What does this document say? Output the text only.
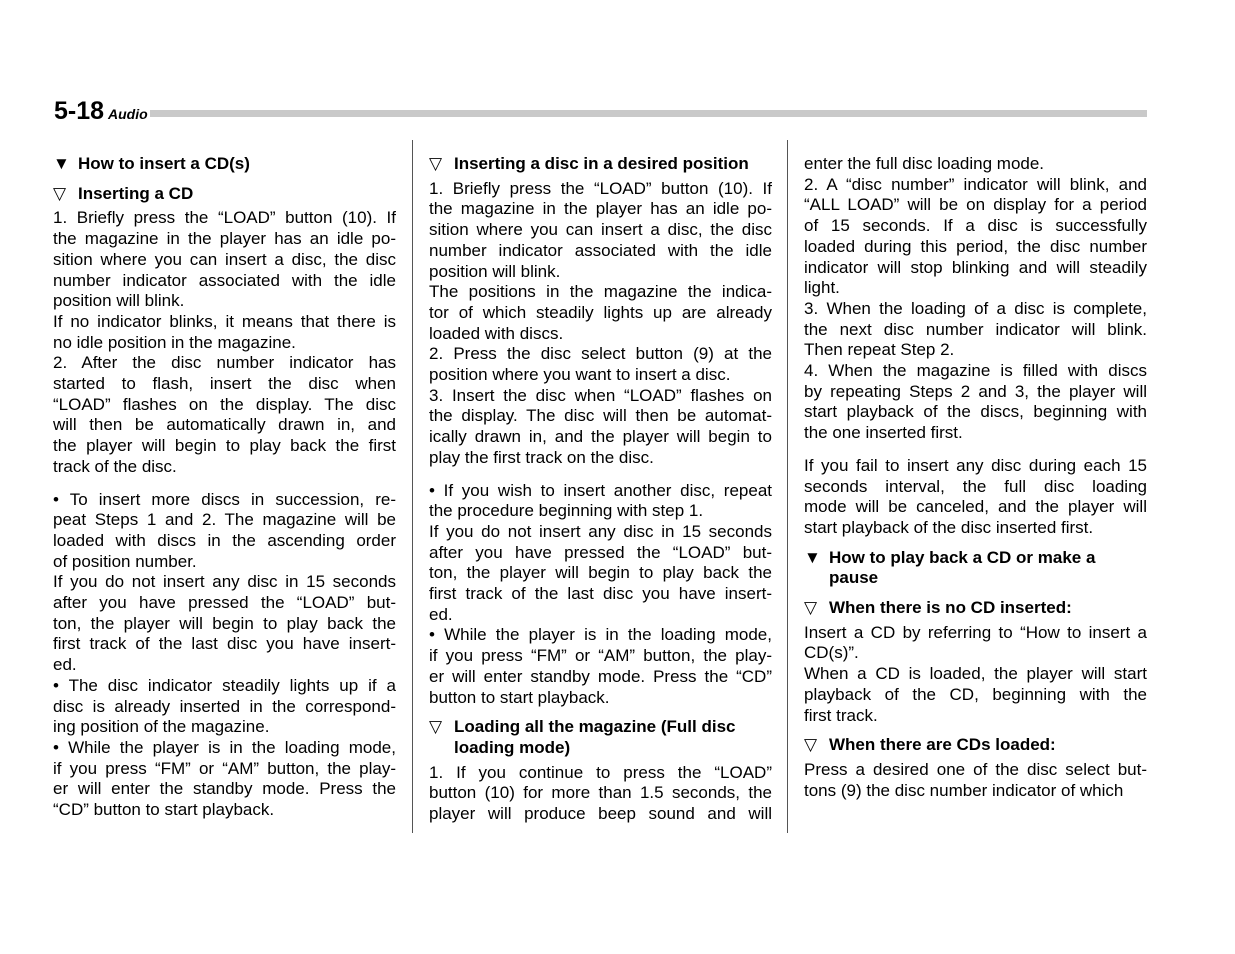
5-18 Audio
▼ How to insert a CD(s)
▽ Inserting a CD
1. Briefly press the “LOAD” button (10). If
the magazine in the player has an idle po-
sition where you can insert a disc, the disc
number indicator associated with the idle
position will blink.
If no indicator blinks, it means that there is
no idle position in the magazine.
2. After the disc number indicator has
started to flash, insert the disc when
“LOAD” flashes on the display. The disc
will then be automatically drawn in, and
the player will begin to play back the first
track of the disc.
• To insert more discs in succession, re-
peat Steps 1 and 2. The magazine will be
loaded with discs in the ascending order
of position number.
If you do not insert any disc in 15 seconds
after you have pressed the “LOAD” but-
ton, the player will begin to play back the
first track of the last disc you have insert-
ed.
• The disc indicator steadily lights up if a
disc is already inserted in the correspond-
ing position of the magazine.
• While the player is in the loading mode,
if you press “FM” or “AM” button, the play-
er will enter the standby mode. Press the
“CD” button to start playback.
▽ Inserting a disc in a desired position
1. Briefly press the “LOAD” button (10). If
the magazine in the player has an idle po-
sition where you can insert a disc, the disc
number indicator associated with the idle
position will blink.
The positions in the magazine the indica-
tor of which steadily lights up are already
loaded with discs.
2. Press the disc select button (9) at the
position where you want to insert a disc.
3. Insert the disc when “LOAD” flashes on
the display. The disc will then be automat-
ically drawn in, and the player will begin to
play the first track on the disc.
• If you wish to insert another disc, repeat
the procedure beginning with step 1.
If you do not insert any disc in 15 seconds
after you have pressed the “LOAD” but-
ton, the player will begin to play back the
first track of the last disc you have insert-
ed.
• While the player is in the loading mode,
if you press “FM” or “AM” button, the play-
er will enter standby mode. Press the “CD”
button to start playback.
▽ Loading all the magazine (Full disc
loading mode)
1. If you continue to press the “LOAD”
button (10) for more than 1.5 seconds, the
player will produce beep sound and will
enter the full disc loading mode.
2. A “disc number” indicator will blink, and
“ALL LOAD” will be on display for a period
of 15 seconds. If a disc is successfully
loaded during this period, the disc number
indicator will stop blinking and will steadily
light.
3. When the loading of a disc is complete,
the next disc number indicator will blink.
Then repeat Step 2.
4. When the magazine is filled with discs
by repeating Steps 2 and 3, the player will
start playback of the discs, beginning with
the one inserted first.
If you fail to insert any disc during each 15
seconds interval, the full disc loading
mode will be canceled, and the player will
start playback of the disc inserted first.
▼ How to play back a CD or make a
pause
▽ When there is no CD inserted:
Insert a CD by referring to “How to insert a
CD(s)”.
When a CD is loaded, the player will start
playback of the CD, beginning with the
first track.
▽ When there are CDs loaded:
Press a desired one of the disc select but-
tons (9) the disc number indicator of which
